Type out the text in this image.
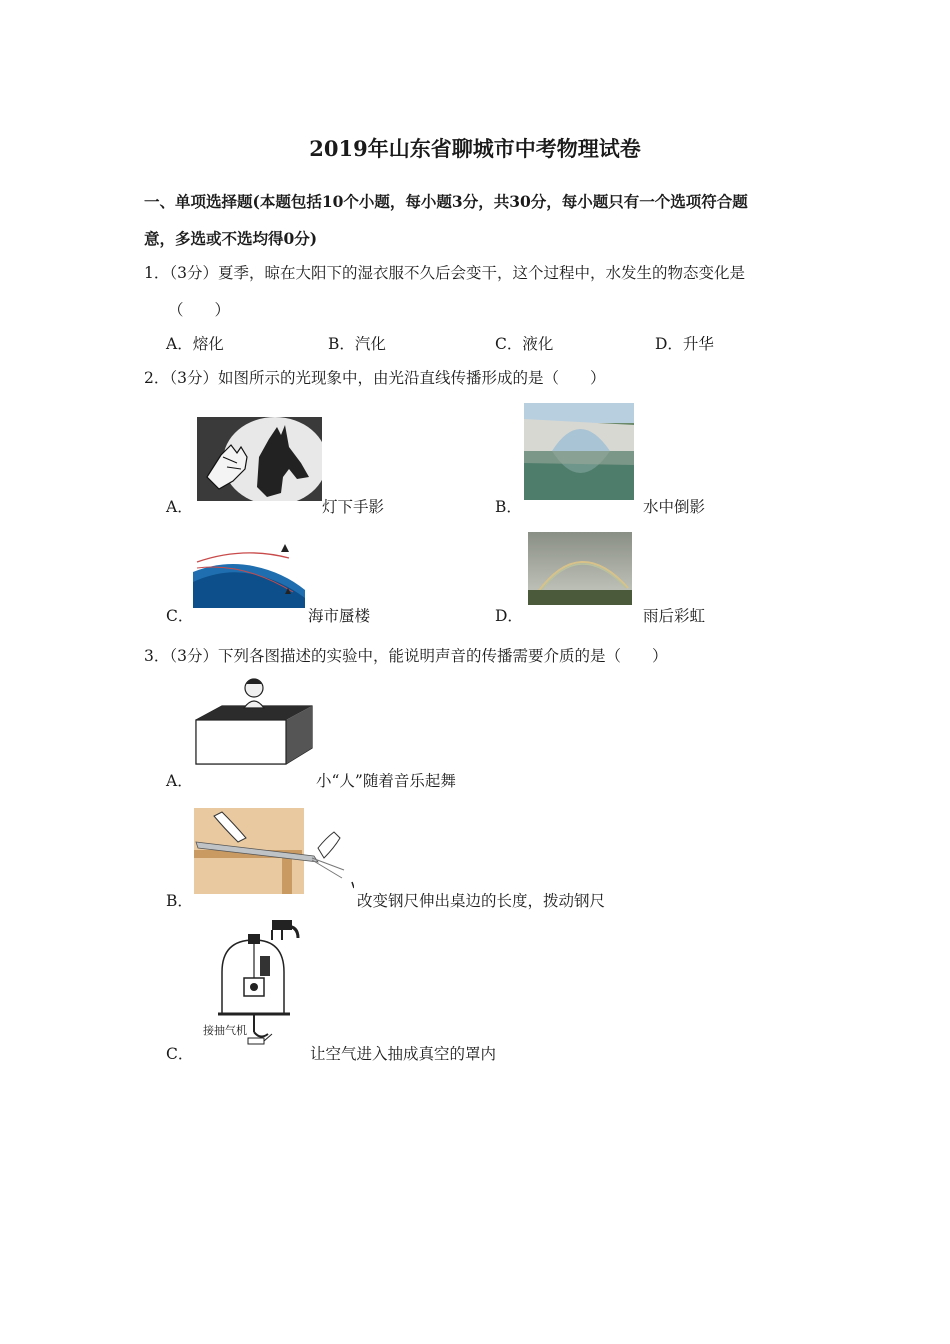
2019年山东省聊城市中考物理试卷
一、单项选择题(本题包括10个小题，每小题3分，共30分，每小题只有一个选项符合题
意，多选或不选均得0分)
1．（3分）夏季，晾在大阳下的湿衣服不久后会变干，这个过程中，水发生的物态变化是
（　　）
A．熔化	B．汽化	C．液化	D．升华
2．（3分）如图所示的光现象中，由光沿直线传播形成的是（　　）
A．	灯下手影	B．	水中倒影
C．	海市蜃楼	D．	雨后彩虹
3．（3分）下列各图描述的实验中，能说明声音的传播需要介质的是（　　）
A．	小“人”随着音乐起舞
B．	改变钢尺伸出桌边的长度，拨动钢尺
接抽气机
C．	让空气进入抽成真空的罩内
